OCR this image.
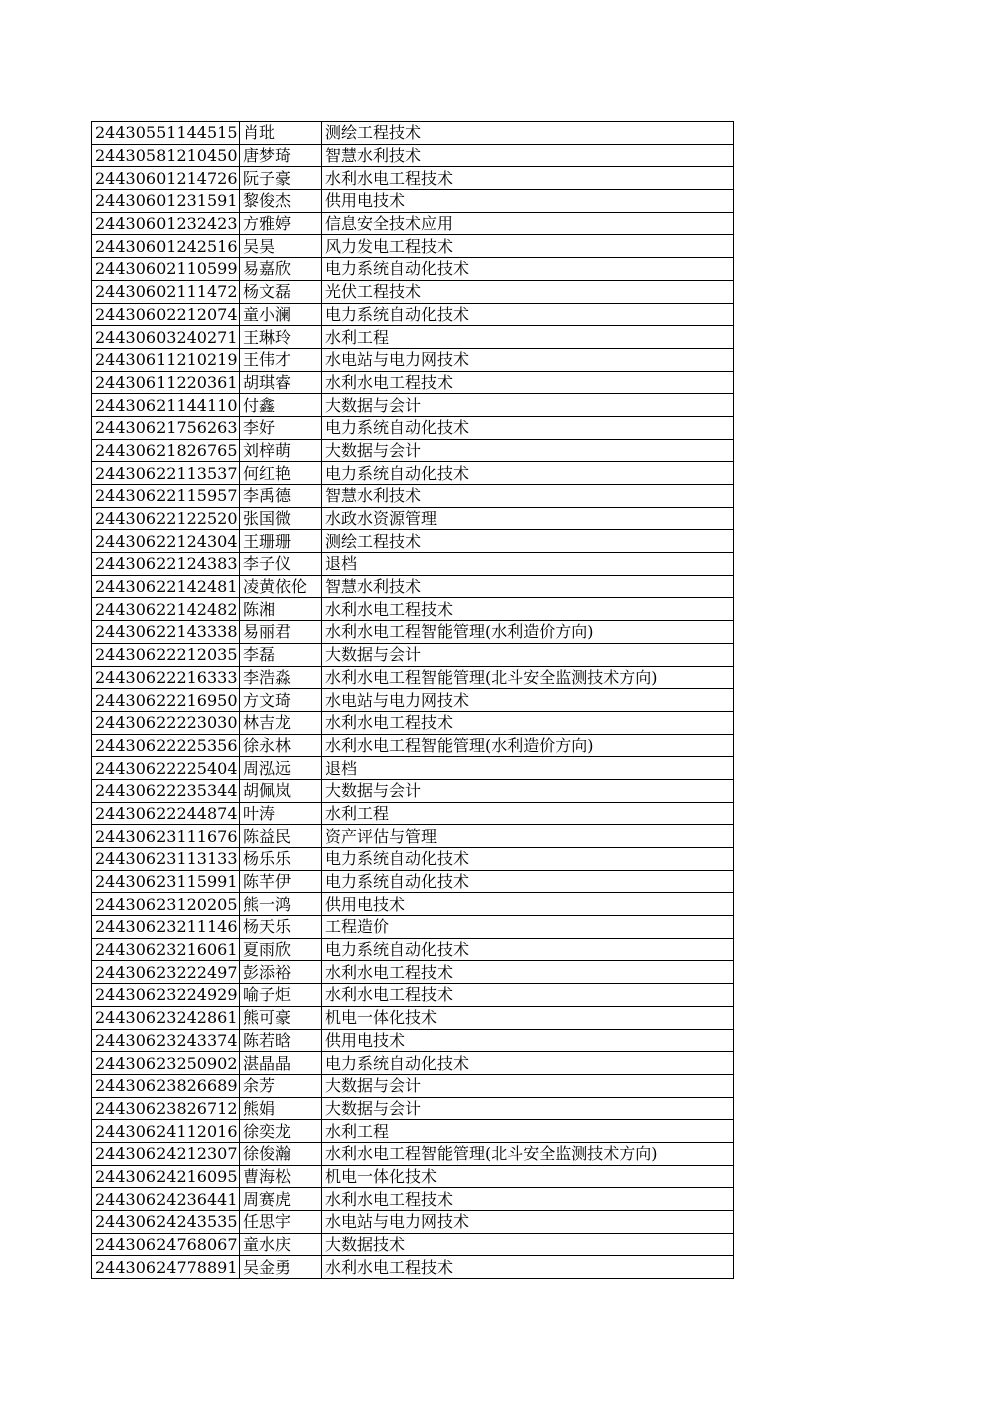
24430551144515	肖玭	测绘工程技术
24430581210450	唐梦琦	智慧水利技术
24430601214726	阮子豪	水利水电工程技术
24430601231591	黎俊杰	供用电技术
24430601232423	方雅婷	信息安全技术应用
24430601242516	吴昊	风力发电工程技术
24430602110599	易嘉欣	电力系统自动化技术
24430602111472	杨文磊	光伏工程技术
24430602212074	童小澜	电力系统自动化技术
24430603240271	王琳玲	水利工程
24430611210219	王伟才	水电站与电力网技术
24430611220361	胡琪睿	水利水电工程技术
24430621144110	付鑫	大数据与会计
24430621756263	李好	电力系统自动化技术
24430621826765	刘梓萌	大数据与会计
24430622113537	何红艳	电力系统自动化技术
24430622115957	李禹德	智慧水利技术
24430622122520	张国微	水政水资源管理
24430622124304	王珊珊	测绘工程技术
24430622124383	李子仪	退档
24430622142481	凌黄依伦	智慧水利技术
24430622142482	陈湘	水利水电工程技术
24430622143338	易丽君	水利水电工程智能管理(水利造价方向)
24430622212035	李磊	大数据与会计
24430622216333	李浩淼	水利水电工程智能管理(北斗安全监测技术方向)
24430622216950	方文琦	水电站与电力网技术
24430622223030	林吉龙	水利水电工程技术
24430622225356	徐永林	水利水电工程智能管理(水利造价方向)
24430622225404	周泓远	退档
24430622235344	胡佩岚	大数据与会计
24430622244874	叶涛	水利工程
24430623111676	陈益民	资产评估与管理
24430623113133	杨乐乐	电力系统自动化技术
24430623115991	陈芊伊	电力系统自动化技术
24430623120205	熊一鸿	供用电技术
24430623211146	杨天乐	工程造价
24430623216061	夏雨欣	电力系统自动化技术
24430623222497	彭添裕	水利水电工程技术
24430623224929	喻子炬	水利水电工程技术
24430623242861	熊可豪	机电一体化技术
24430623243374	陈若晗	供用电技术
24430623250902	湛晶晶	电力系统自动化技术
24430623826689	余芳	大数据与会计
24430623826712	熊娟	大数据与会计
24430624112016	徐奕龙	水利工程
24430624212307	徐俊瀚	水利水电工程智能管理(北斗安全监测技术方向)
24430624216095	曹海松	机电一体化技术
24430624236441	周赛虎	水利水电工程技术
24430624243535	任思宇	水电站与电力网技术
24430624768067	童水庆	大数据技术
24430624778891	吴金勇	水利水电工程技术
